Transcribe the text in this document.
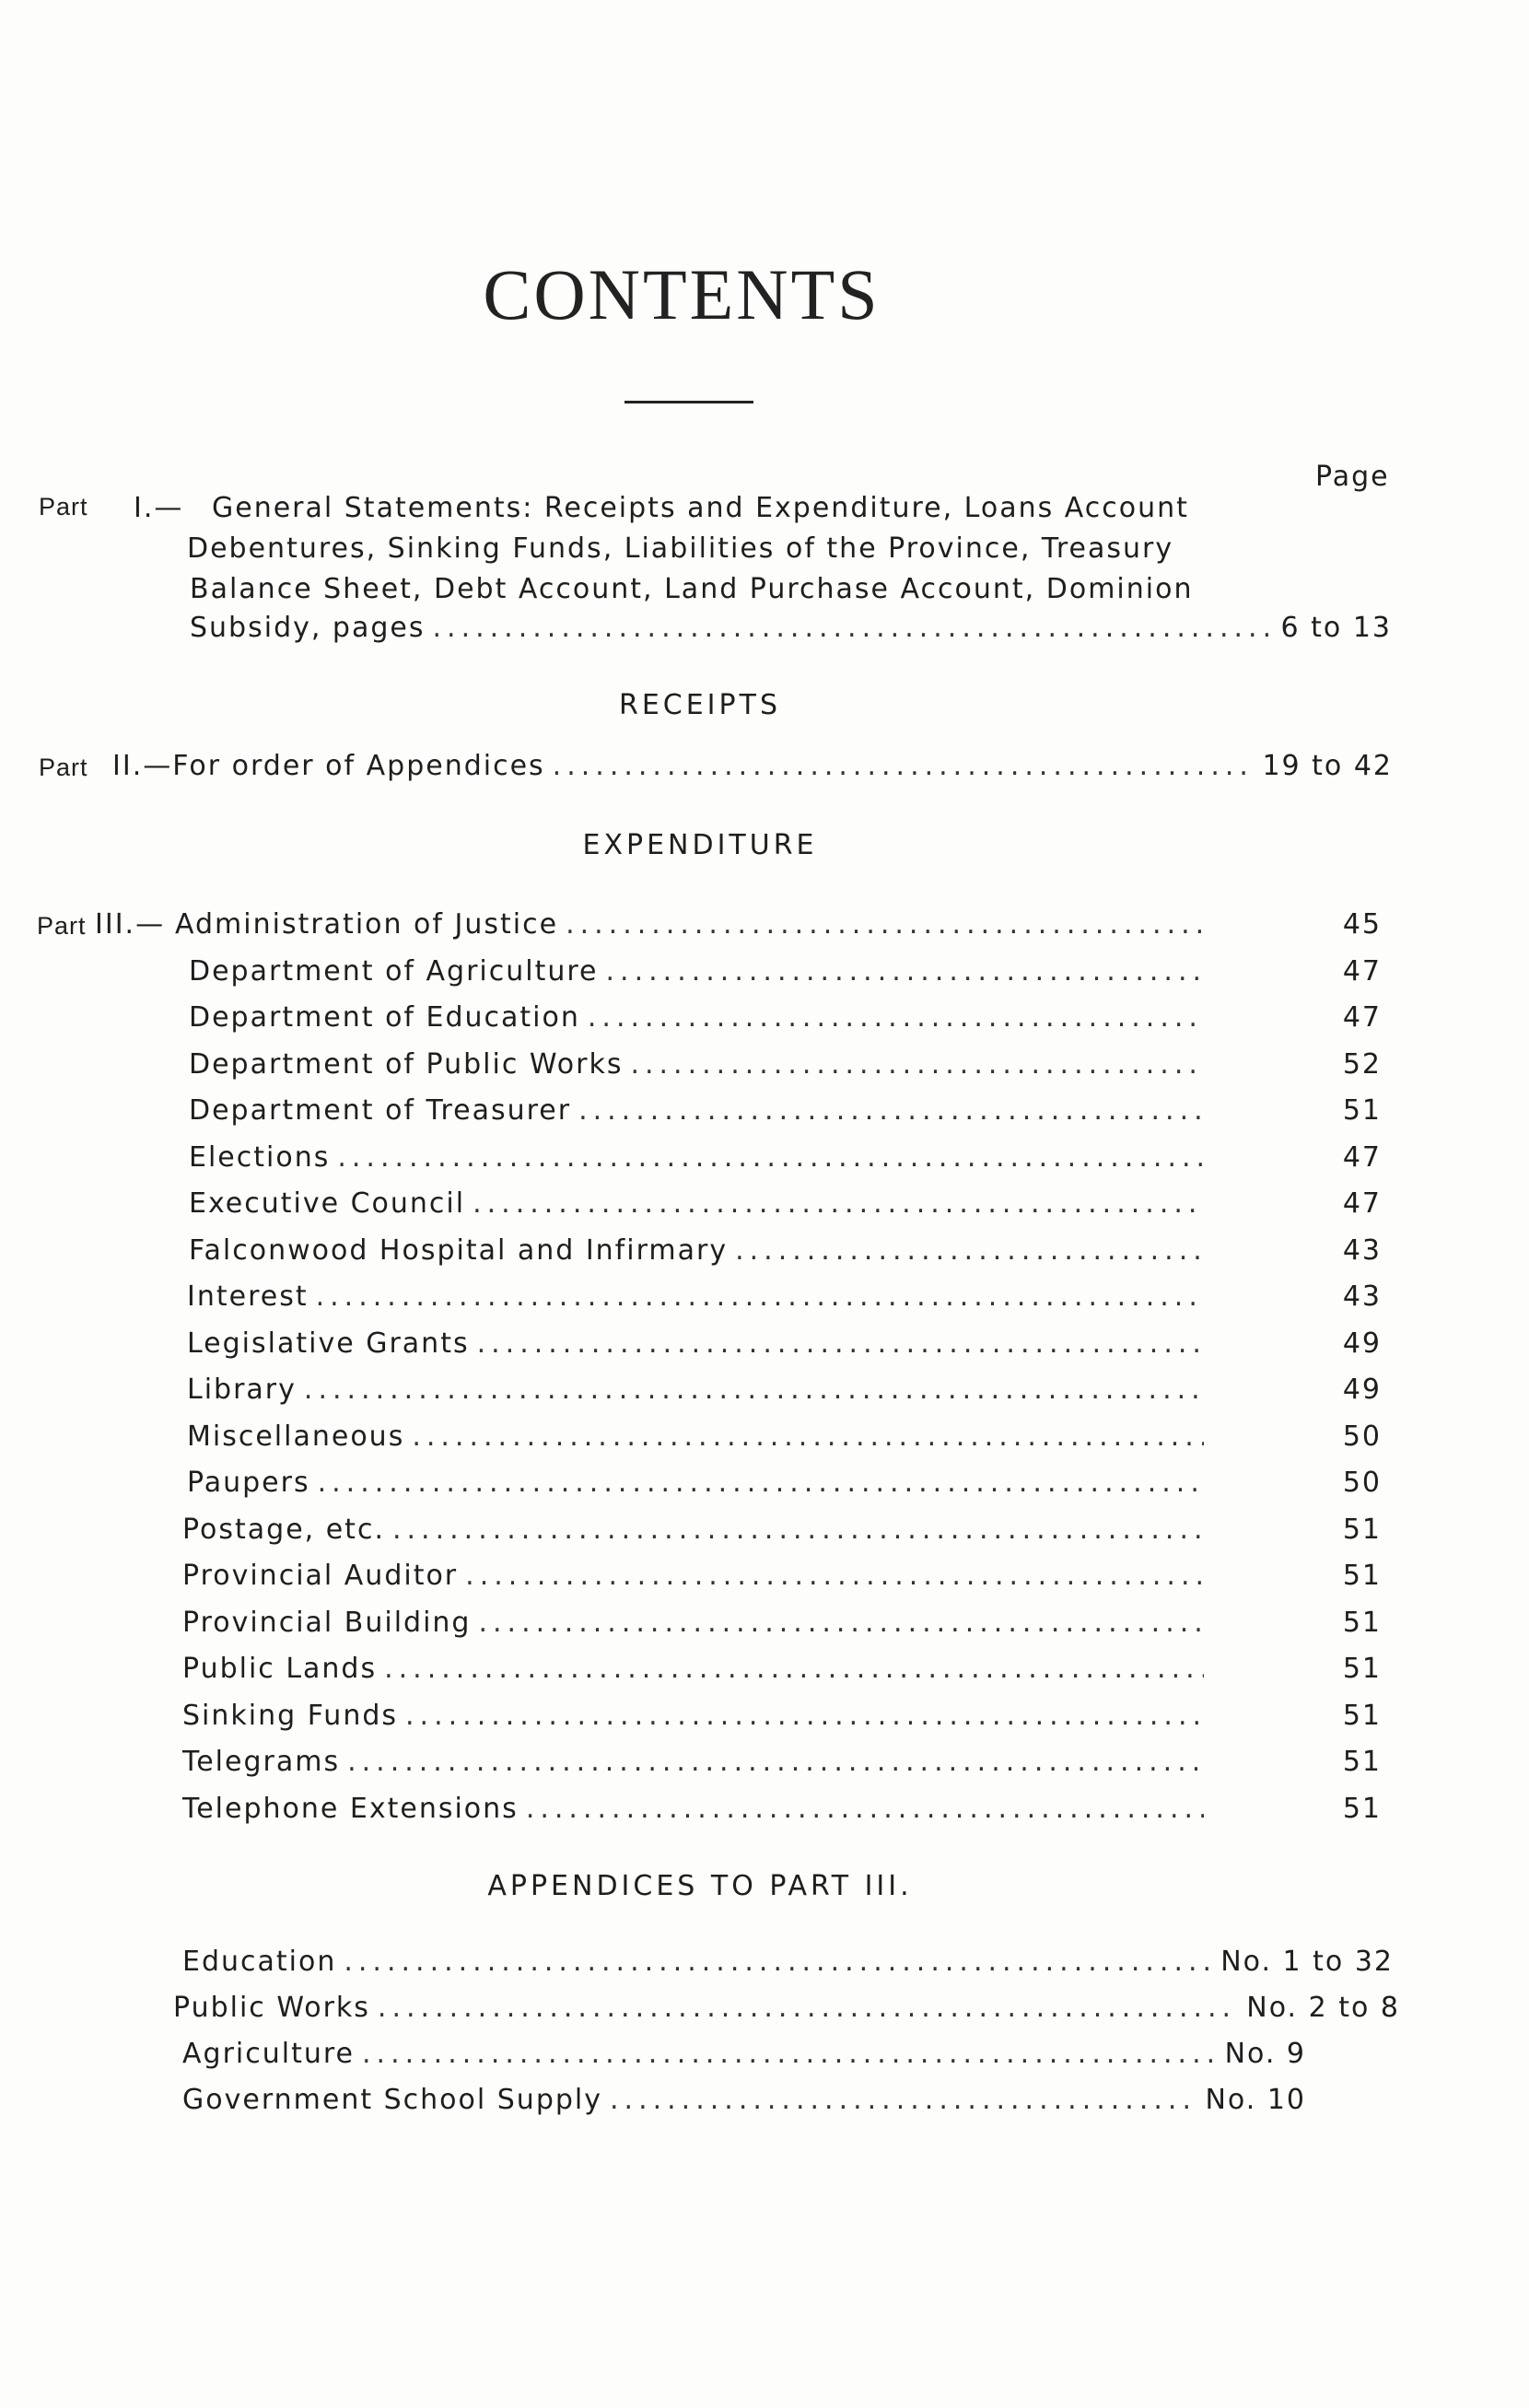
CONTENTS
Page
Part I.— General Statements: Receipts and Expenditure, Loans Account
Debentures, Sinking Funds, Liabilities of the Province, Treasury
Balance Sheet, Debt Account, Land Purchase Account, Dominion
Subsidy, pages .....	6 to 13
RECEIPTS
Part II.— For order of Appendices .....	19 to 42
EXPENDITURE
Part III.— Administration of Justice .....	45
Department of Agriculture .....	47
Department of Education .....	47
Department of Public Works .....	52
Department of Treasurer .....	51
Elections .....	47
Executive Council .....	47
Falconwood Hospital and Infirmary .....	43
Interest .....	43
Legislative Grants .....	49
Library .....	49
Miscellaneous .....	50
Paupers .....	50
Postage, etc. .....	51
Provincial Auditor .....	51
Provincial Building .....	51
Public Lands .....	51
Sinking Funds .....	51
Telegrams .....	51
Telephone Extensions .....	51
APPENDICES TO PART III.
Education .....	No. 1 to 32
Public Works .....	No. 2 to 8
Agriculture .....	No. 9
Government School Supply .....	No. 10
